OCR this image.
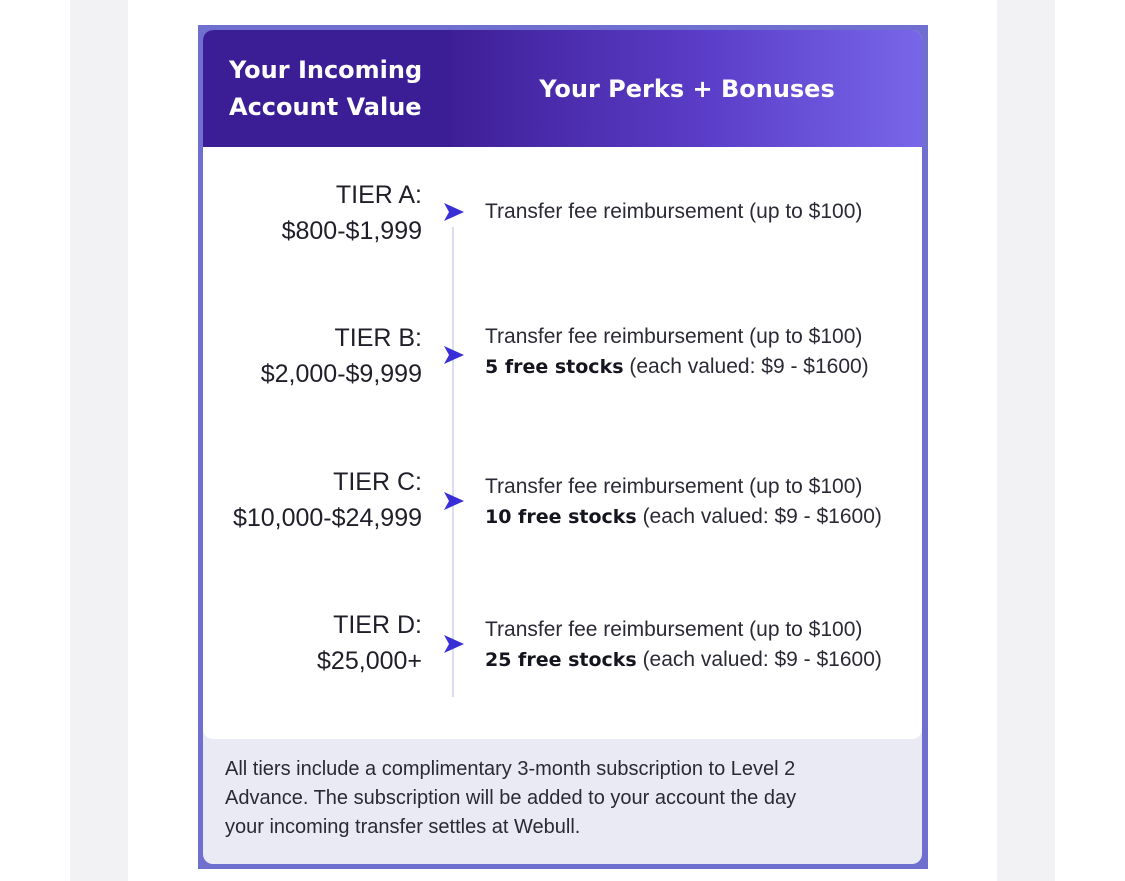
Your Incoming
Account Value
Your Perks + Bonuses
TIER A:
$800-$1,999
Transfer fee reimbursement (up to $100)
TIER B:
$2,000-$9,999
Transfer fee reimbursement (up to $100)
5 free stocks (each valued: $9 - $1600)
TIER C:
$10,000-$24,999
Transfer fee reimbursement (up to $100)
10 free stocks (each valued: $9 - $1600)
TIER D:
$25,000+
Transfer fee reimbursement (up to $100)
25 free stocks (each valued: $9 - $1600)
All tiers include a complimentary 3-month subscription to Level 2
Advance. The subscription will be added to your account the day
your incoming transfer settles at Webull.
